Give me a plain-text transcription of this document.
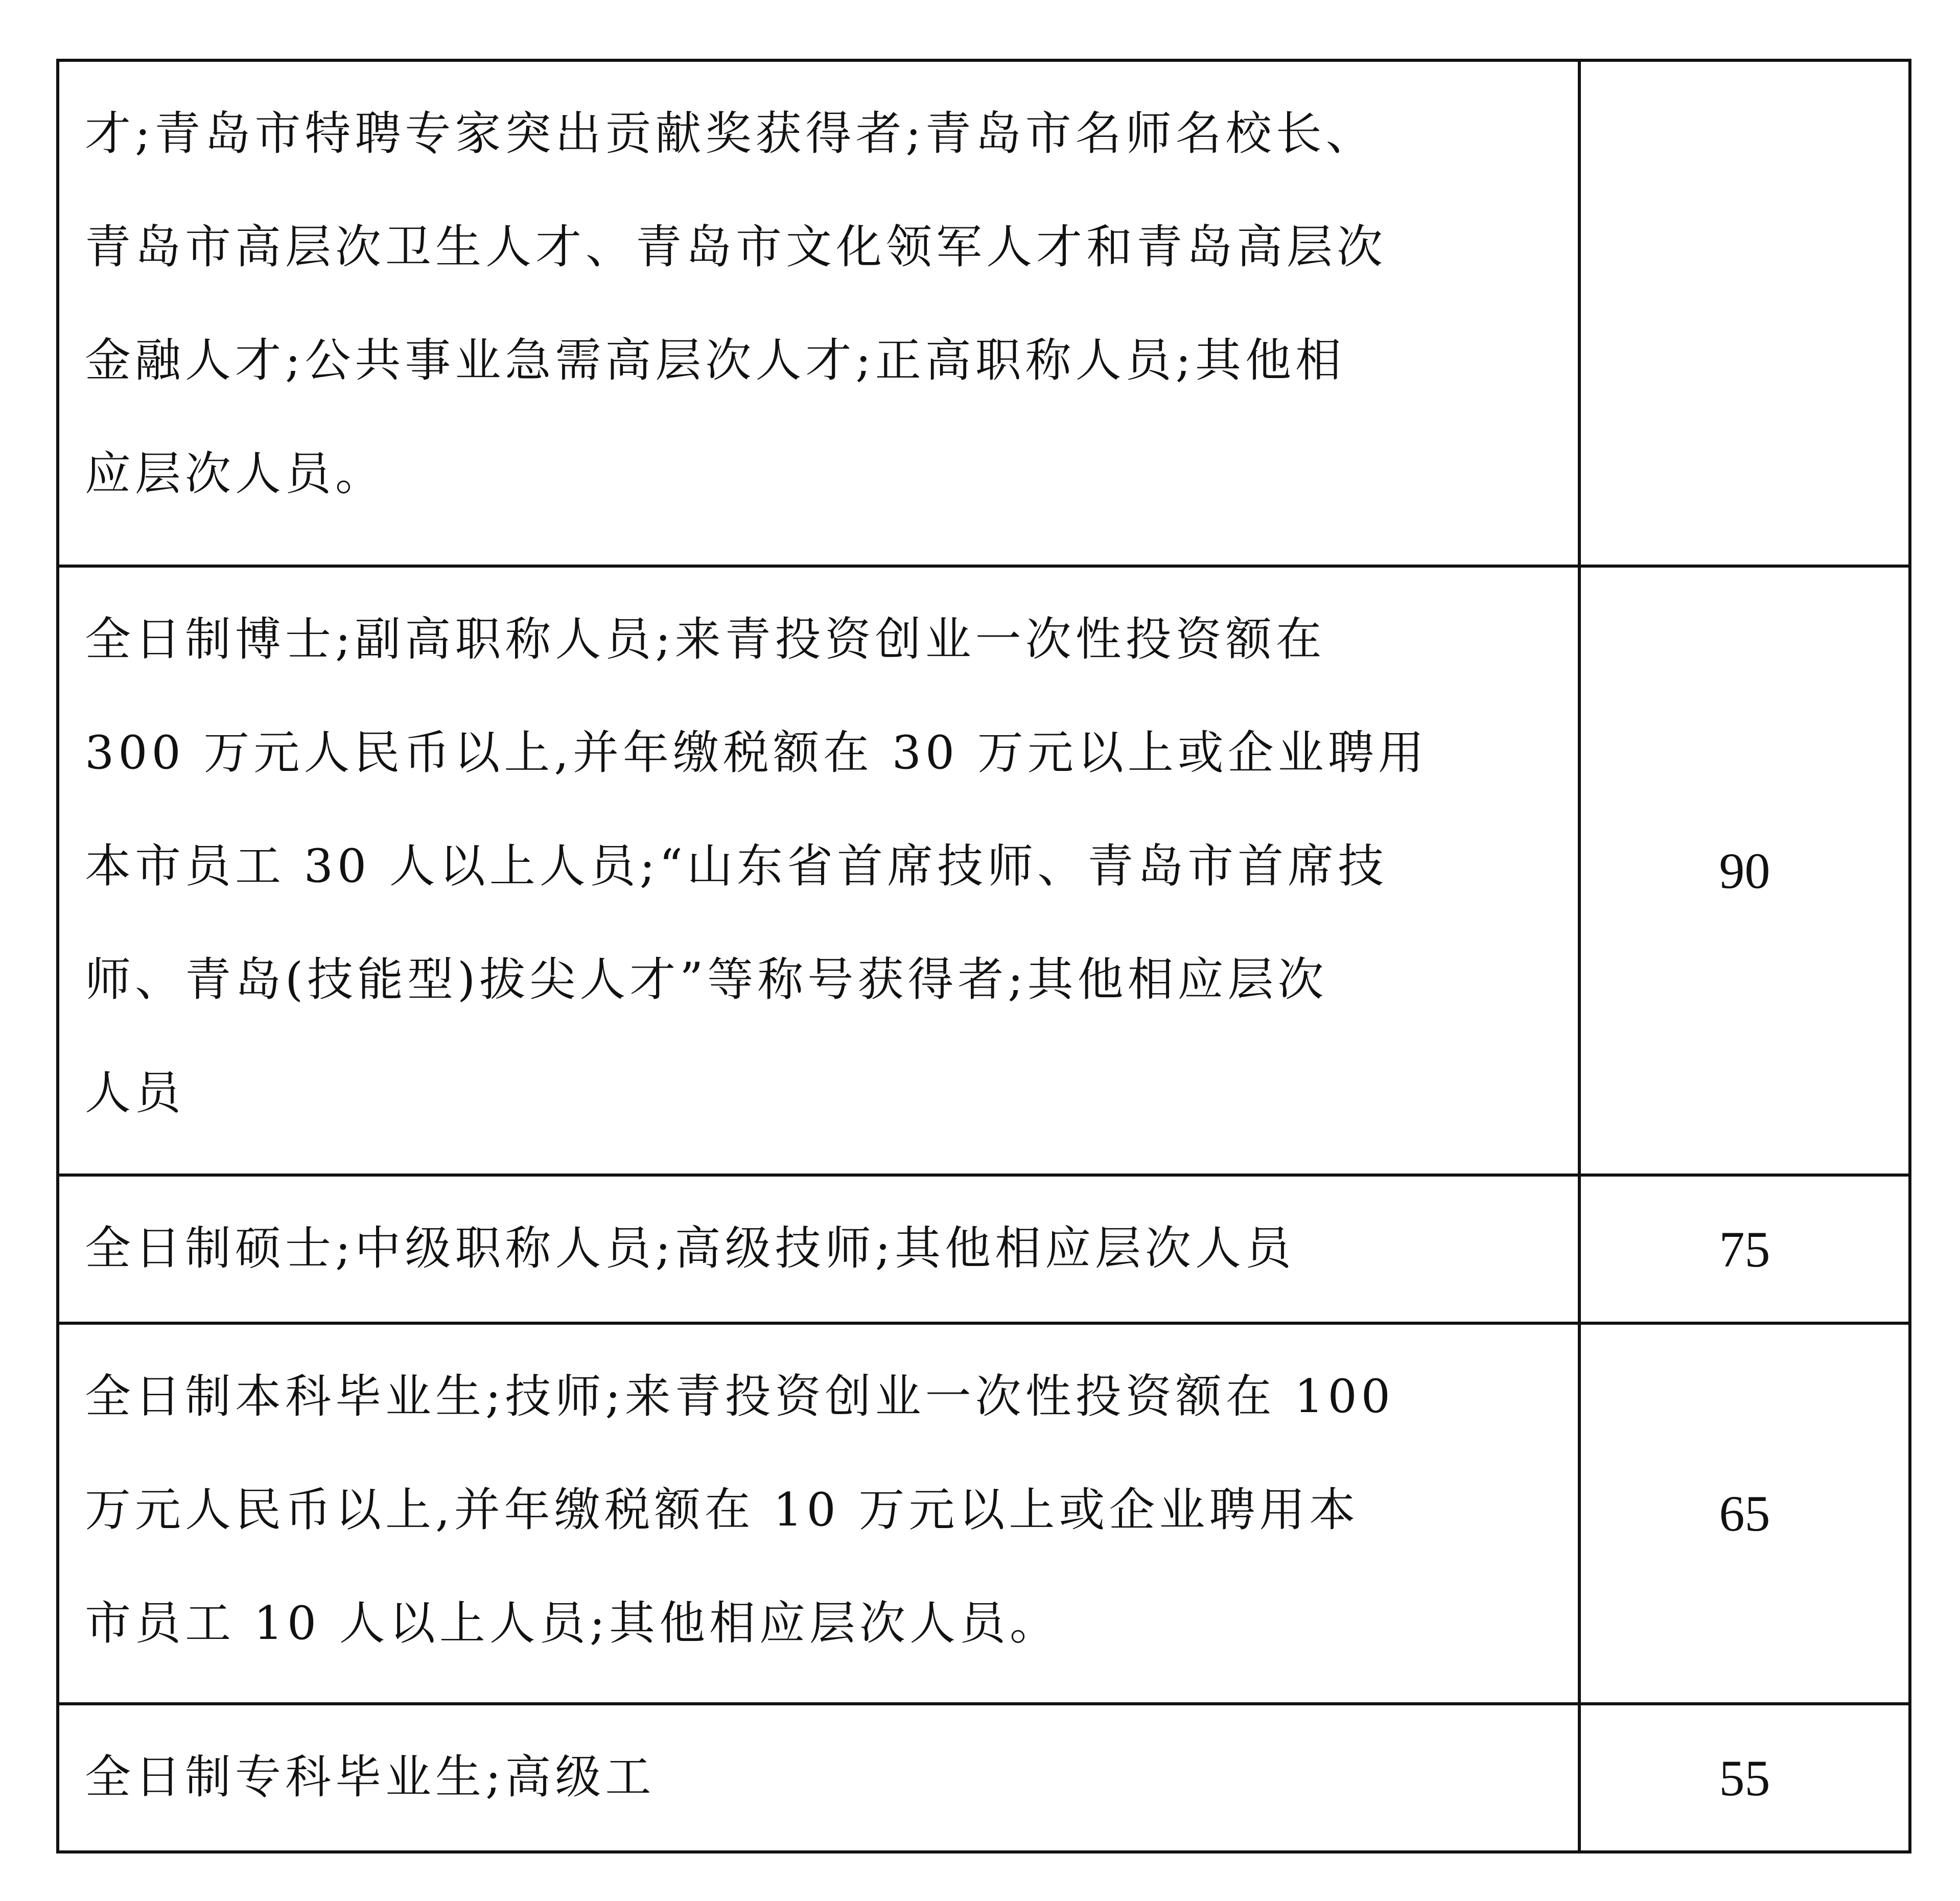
才;青岛市特聘专家突出贡献奖获得者;青岛市名师名校长、
青岛市高层次卫生人才、青岛市文化领军人才和青岛高层次
金融人才;公共事业急需高层次人才;正高职称人员;其他相
应层次人员。	

全日制博士;副高职称人员;来青投资创业一次性投资额在
300 万元人民币以上,并年缴税额在 30 万元以上或企业聘用
本市员工 30 人以上人员;“山东省首席技师、青岛市首席技
师、青岛(技能型)拔尖人才”等称号获得者;其他相应层次
人员	90

全日制硕士;中级职称人员;高级技师;其他相应层次人员	75

全日制本科毕业生;技师;来青投资创业一次性投资额在 100
万元人民币以上,并年缴税额在 10 万元以上或企业聘用本
市员工 10 人以上人员;其他相应层次人员。	65

全日制专科毕业生;高级工	55
